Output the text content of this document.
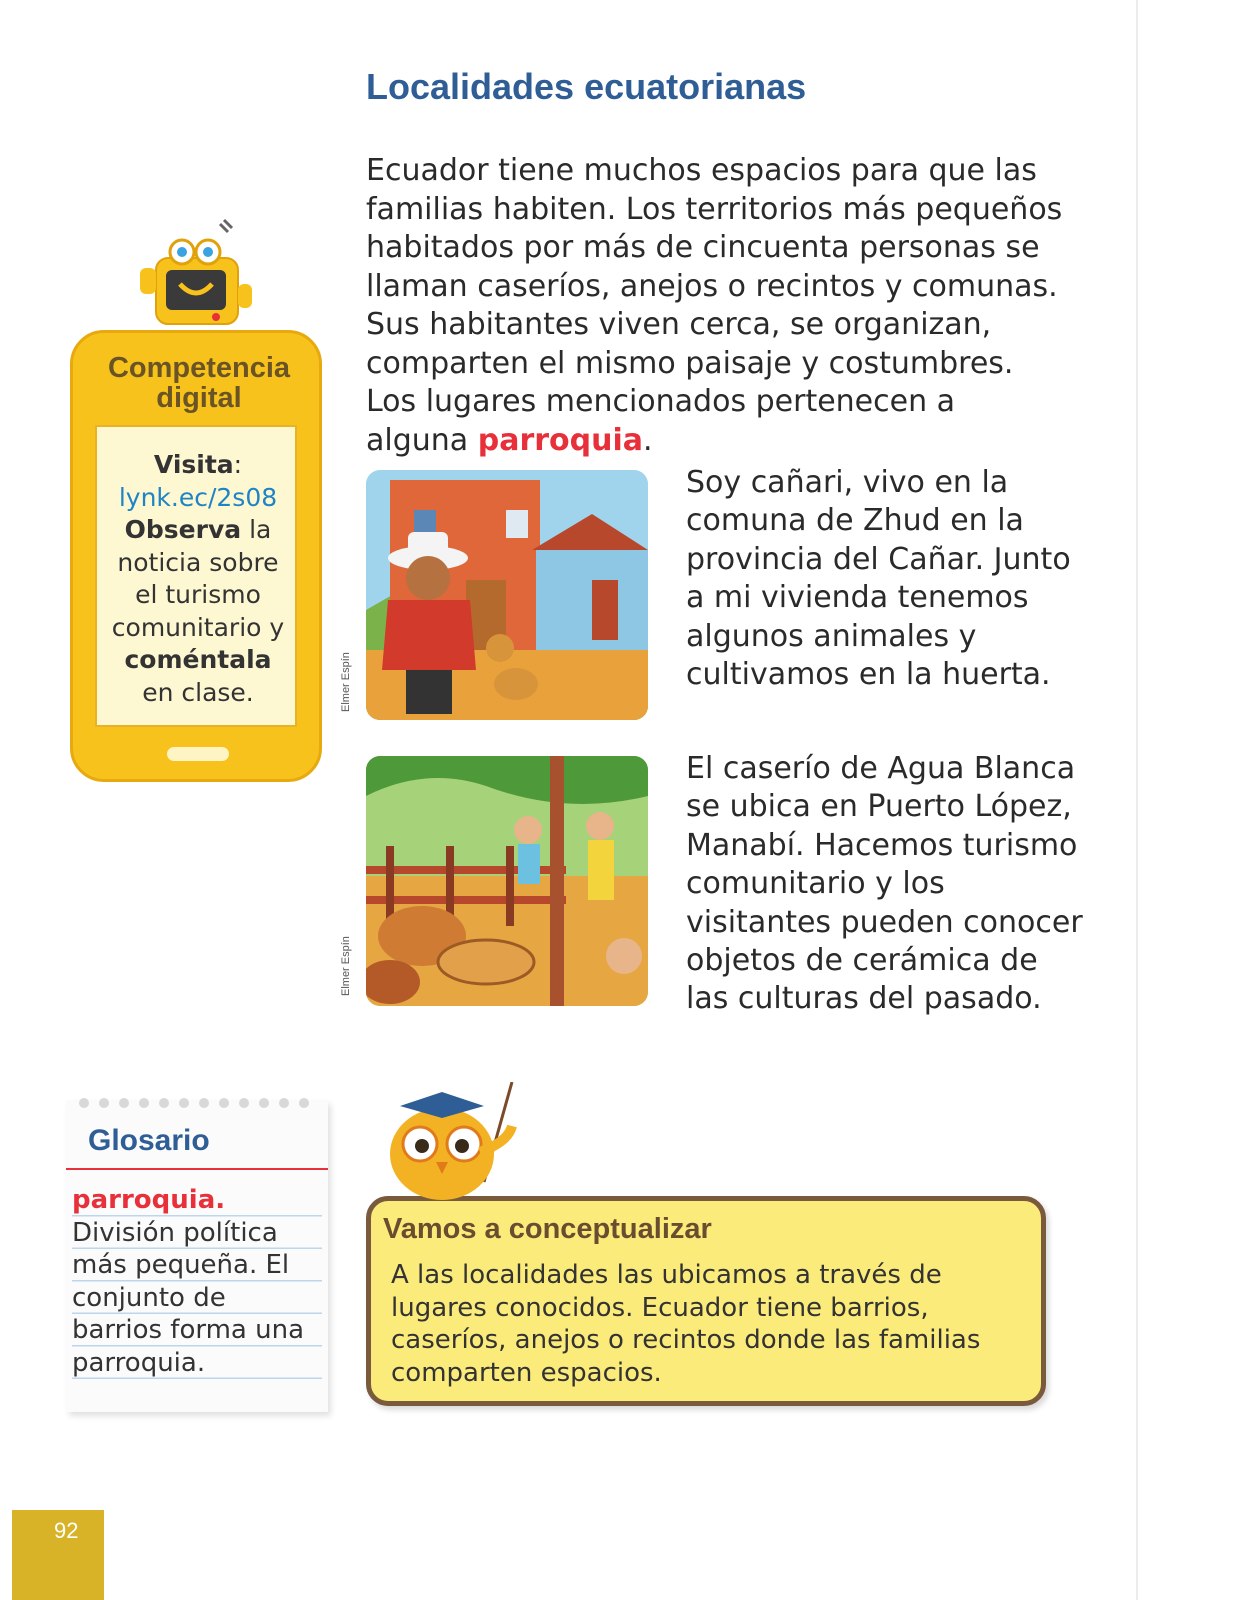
Localidades ecuatorianas

Ecuador tiene muchos espacios para que las familias habiten. Los territorios más pequeños habitados por más de cincuenta personas se llaman caseríos, anejos o recintos y comunas. Sus habitantes viven cerca, se organizan, comparten el mismo paisaje y costumbres. Los lugares mencionados pertenecen a alguna parroquia.

Competencia
digital

Visita:
lynk.ec/2s08
Observa la noticia sobre el turismo comunitario y coméntala en clase.	Elmer Espín

Soy cañari, vivo en la comuna de Zhud en la provincia del Cañar. Junto a mi vivienda tenemos algunos animales y cultivamos en la huerta.

Elmer Espín

El caserío de Agua Blanca se ubica en Puerto López, Manabí. Hacemos turismo comunitario y los visitantes pueden conocer objetos de cerámica de las culturas del pasado.

Glosario

parroquia.
División política más pequeña. El conjunto de barrios forma una parroquia.

Vamos a conceptualizar

A las localidades las ubicamos a través de lugares conocidos. Ecuador tiene barrios, caseríos, anejos o recintos donde las familias comparten espacios.

92
